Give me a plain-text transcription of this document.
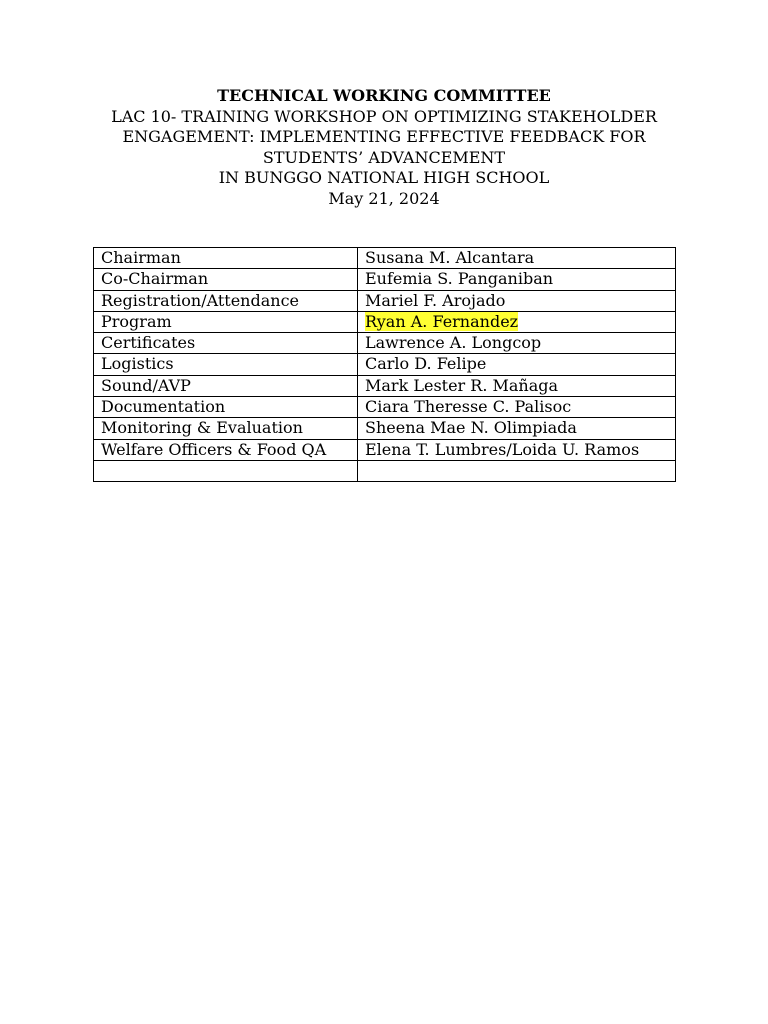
TECHNICAL WORKING COMMITTEE
LAC 10- TRAINING WORKSHOP ON OPTIMIZING STAKEHOLDER
ENGAGEMENT: IMPLEMENTING EFFECTIVE FEEDBACK FOR
STUDENTS’ ADVANCEMENT
IN BUNGGO NATIONAL HIGH SCHOOL
May 21, 2024
Chairman	Susana M. Alcantara
Co-Chairman	Eufemia S. Panganiban
Registration/Attendance	Mariel F. Arojado
Program	Ryan A. Fernandez
Certificates	Lawrence A. Longcop
Logistics	Carlo D. Felipe
Sound/AVP	Mark Lester R. Mañaga
Documentation	Ciara Theresse C. Palisoc
Monitoring & Evaluation	Sheena Mae N. Olimpiada
Welfare Officers & Food QA	Elena T. Lumbres/Loida U. Ramos
